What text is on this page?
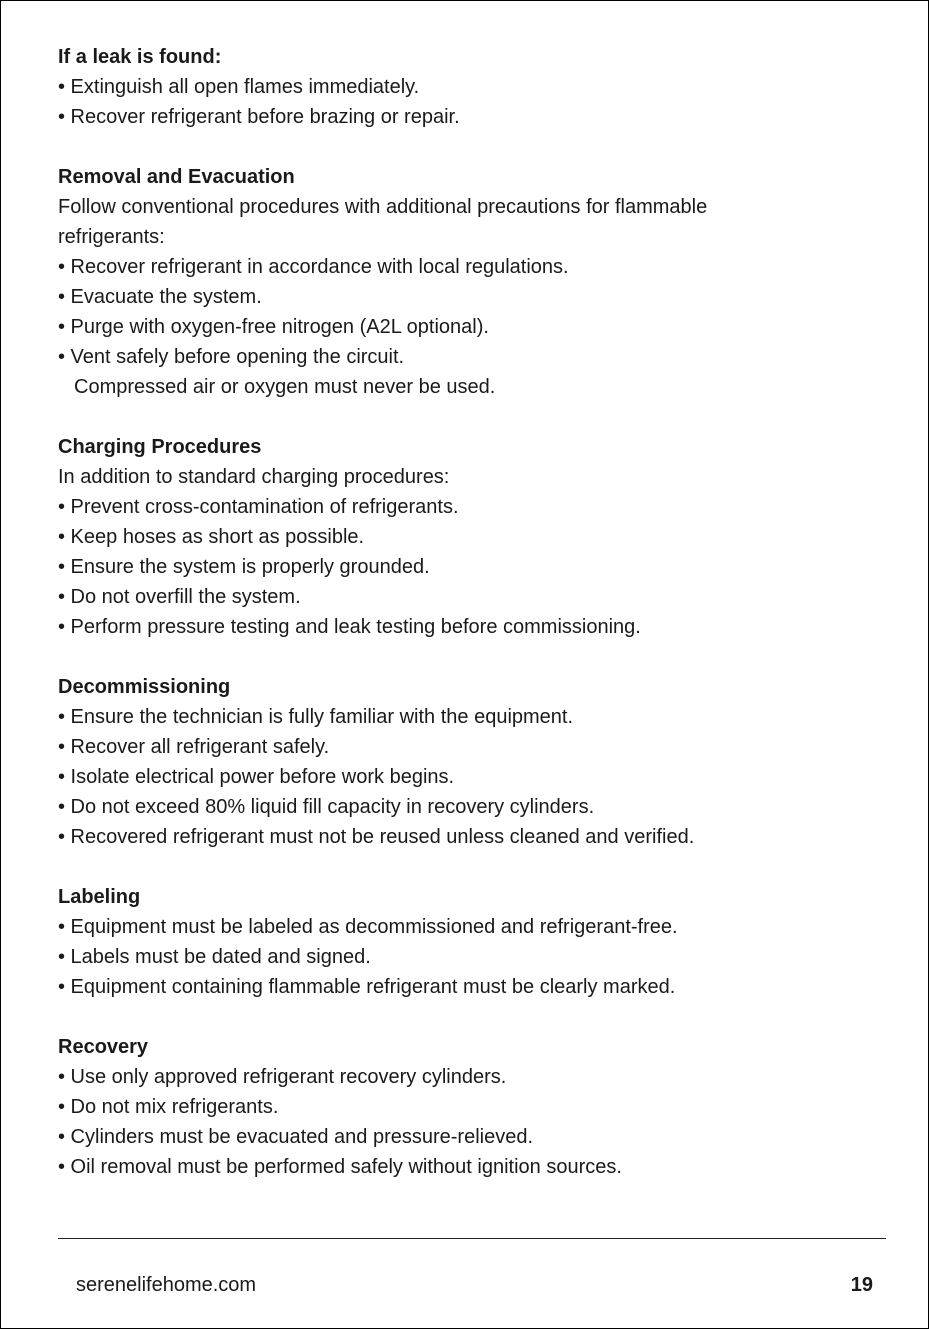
If a leak is found:
• Extinguish all open flames immediately.
• Recover refrigerant before brazing or repair.
Removal and Evacuation
Follow conventional procedures with additional precautions for flammable
refrigerants:
• Recover refrigerant in accordance with local regulations.
• Evacuate the system.
• Purge with oxygen-free nitrogen (A2L optional).
• Vent safely before opening the circuit.
Compressed air or oxygen must never be used.
Charging Procedures
In addition to standard charging procedures:
• Prevent cross-contamination of refrigerants.
• Keep hoses as short as possible.
• Ensure the system is properly grounded.
• Do not overfill the system.
• Perform pressure testing and leak testing before commissioning.
Decommissioning
• Ensure the technician is fully familiar with the equipment.
• Recover all refrigerant safely.
• Isolate electrical power before work begins.
• Do not exceed 80% liquid fill capacity in recovery cylinders.
• Recovered refrigerant must not be reused unless cleaned and verified.
Labeling
• Equipment must be labeled as decommissioned and refrigerant-free.
• Labels must be dated and signed.
• Equipment containing flammable refrigerant must be clearly marked.
Recovery
• Use only approved refrigerant recovery cylinders.
• Do not mix refrigerants.
• Cylinders must be evacuated and pressure-relieved.
• Oil removal must be performed safely without ignition sources.
serenelifehome.com	19
